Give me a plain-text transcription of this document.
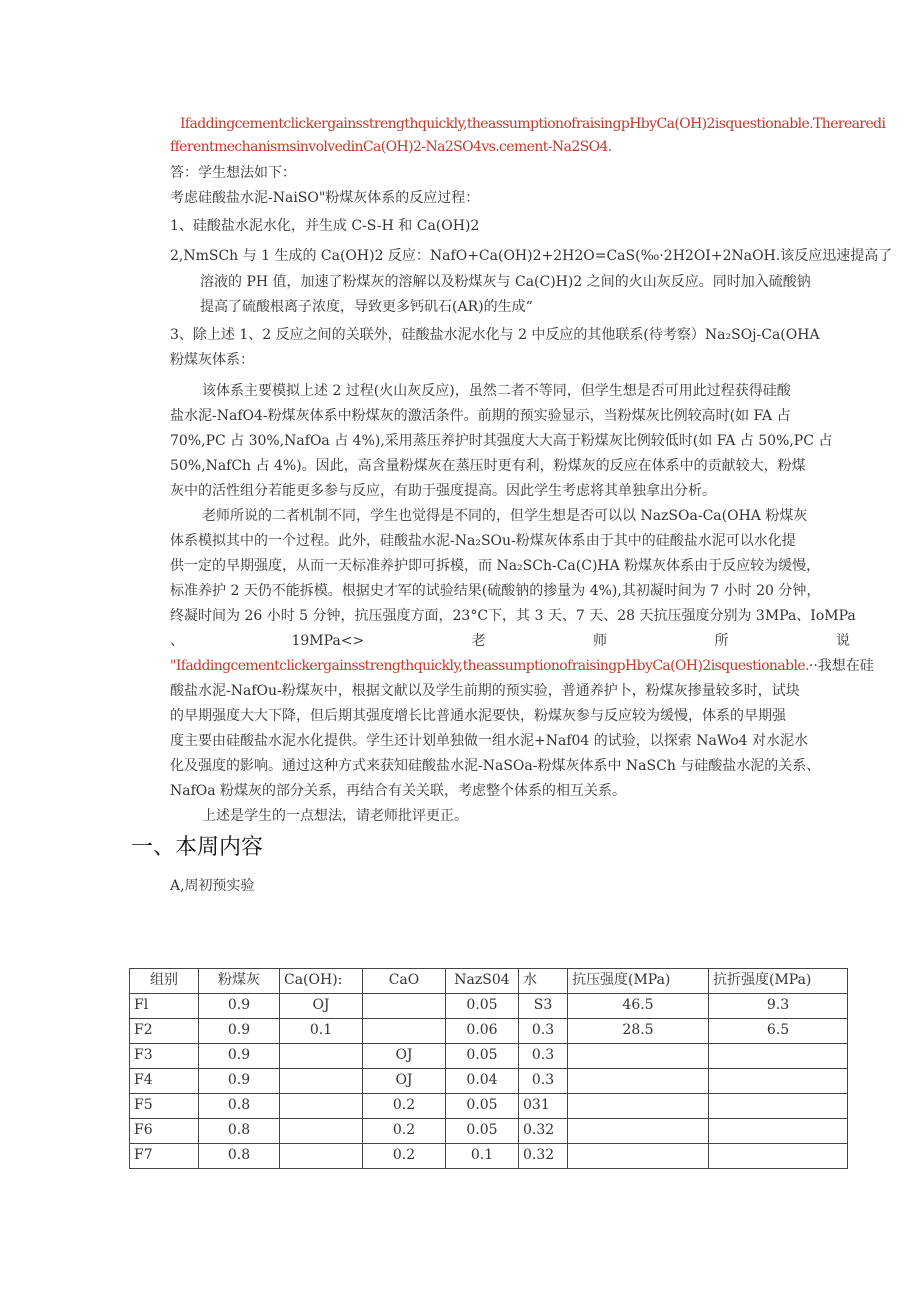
Ifaddingcementclickergainsstrengthquickly,theassumptionofraisingpHbyCa(OH)2isquestionable.Therearedi
fferentmechanismsinvolvedinCa(OH)2-Na2SO4vs.cement-Na2SO4.
答：学生想法如下：
考虑硅酸盐水泥-NaiSO"粉煤灰体系的反应过程：
1、硅酸盐水泥水化，并生成 C-S-H 和 Ca(OH)2
2,NmSCh 与 1 生成的 Ca(OH)2 反应：NafO+Ca(OH)2+2H2O=CaS(‰·2H2OI+2NaOH.该反应迅速提高了
溶液的 PH 值，加速了粉煤灰的溶解以及粉煤灰与 Ca(C)H)2 之间的火山灰反应。同时加入硫酸钠
提高了硫酸根离子浓度，导致更多钙矶石(AR)的生成“
3、除上述 1、2 反应之间的关联外，硅酸盐水泥水化与 2 中反应的其他联系(待考察）Na₂SOj-Ca(OHA
粉煤灰体系：
该体系主要模拟上述 2 过程(火山灰反应)，虽然二者不等同，但学生想是否可用此过程获得硅酸
盐水泥-NafO4-粉煤灰体系中粉煤灰的激活条件。前期的预实验显示，当粉煤灰比例较高时(如 FA 占
70%,PC 占 30%,NafOa 占 4%),采用蒸压养护时其强度大大高于粉煤灰比例较低时(如 FA 占 50%,PC 占
50%,NafCh 占 4%)。因此，高含量粉煤灰在蒸压时更有利，粉煤灰的反应在体系中的贡献较大，粉煤
灰中的活性组分若能更多参与反应，有助于强度提高。因此学生考虑将其单独拿出分析。
老师所说的二者机制不同，学生也觉得是不同的，但学生想是否可以以 NazSOa-Ca(OHA 粉煤灰
体系模拟其中的一个过程。此外，硅酸盐水泥-Na₂SOu-粉煤灰体系由于其中的硅酸盐水泥可以水化提
供一定的早期强度，从而一天标准养护即可拆模，而 Na₂SCh-Ca(C)HA 粉煤灰体系由于反应较为缓慢，
标准养护 2 天仍不能拆模。根据史才军的试验结果(硫酸钠的掺量为 4%),其初凝时间为 7 小时 20 分钟，
终凝时间为 26 小时 5 分钟，抗压强度方面，23°C下，其 3 天、7 天、28 天抗压强度分别为 3MPa、IoMPa
、	19MPa<>	老	师	所	说
"Ifaddingcementclickergainsstrengthquickly,theassumptionofraisingpHbyCa(OH)2isquestionable.··我想在硅
酸盐水泥-NafOu-粉煤灰中，根据文献以及学生前期的预实验，普通养护卜，粉煤灰掺量较多时，试块
的早期强度大大下降，但后期其强度增长比普通水泥要快，粉煤灰参与反应较为缓慢，体系的早期强
度主要由硅酸盐水泥水化提供。学生还计划单独做一组水泥+Naf04 的试验，以探索 NaWo4 对水泥水
化及强度的影响。通过这种方式来获知硅酸盐水泥-NaSOa-粉煤灰体系中 NaSCh 与硅酸盐水泥的关系、
NafOa 粉煤灰的部分关系，再结合有关关联，考虑整个体系的相互关系。
上述是学生的一点想法，请老师批评更正。
一、本周内容
A,周初预实验
组别	粉煤灰	Ca(OH):	CaO	NazS04	水	抗压强度(MPa)	抗折强度(MPa)
Fl	0.9	OJ		0.05	S3	46.5	9.3
F2	0.9	0.1		0.06	0.3	28.5	6.5
F3	0.9		OJ	0.05	0.3		
F4	0.9		OJ	0.04	0.3		
F5	0.8		0.2	0.05	031		
F6	0.8		0.2	0.05	0.32		
F7	0.8		0.2	0.1	0.32		
